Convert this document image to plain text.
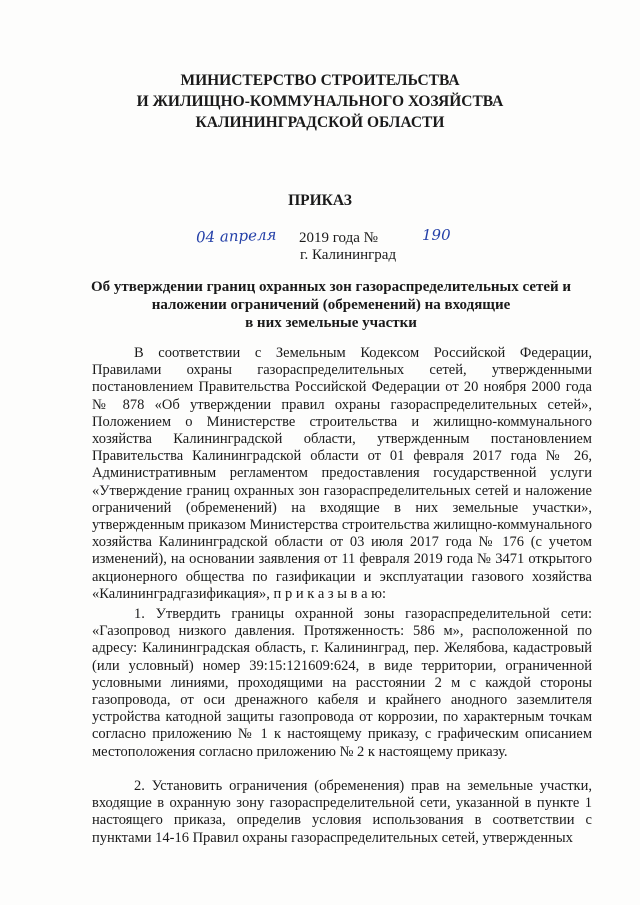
МИНИСТЕРСТВО СТРОИТЕЛЬСТВА
И ЖИЛИЩНО-КОММУНАЛЬНОГО ХОЗЯЙСТВА
КАЛИНИНГРАДСКОЙ ОБЛАСТИ
ПРИКАЗ
04 апреля 2019 года №	190
г. Калининград
Об утверждении границ охранных зон газораспределительных сетей и
наложении ограничений (обременений) на входящие
в них земельные участки

В соответствии с Земельным Кодексом Российской Федерации, Правилами охраны газораспределительных сетей, утвержденными постановлением Правительства Российской Федерации от 20 ноября 2000 года № 878 «Об утверждении правил охраны газораспределительных сетей», Положением о Министерстве строительства и жилищно-коммунального хозяйства Калининградской области, утвержденным постановлением Правительства Калининградской области от 01 февраля 2017 года № 26, Административным регламентом предоставления государственной услуги «Утверждение границ охранных зон газораспределительных сетей и наложение ограничений (обременений) на входящие в них земельные участки», утвержденным приказом Министерства строительства жилищно-коммунального хозяйства Калининградской области от 03 июля 2017 года № 176 (с учетом изменений), на основании заявления от 11 февраля 2019 года № 3471 открытого акционерного общества по газификации и эксплуатации газового хозяйства «Калининградгазификация», п р и к а з ы в а ю:

1. Утвердить границы охранной зоны газораспределительной сети: «Газопровод низкого давления. Протяженность: 586 м», расположенной по адресу: Калининградская область, г. Калининград, пер. Желябова, кадастровый (или условный) номер 39:15:121609:624, в виде территории, ограниченной условными линиями, проходящими на расстоянии 2 м с каждой стороны газопровода, от оси дренажного кабеля и крайнего анодного заземлителя устройства катодной защиты газопровода от коррозии, по характерным точкам согласно приложению № 1 к настоящему приказу, с графическим описанием местоположения согласно приложению № 2 к настоящему приказу.

2. Установить ограничения (обременения) прав на земельные участки, входящие в охранную зону газораспределительной сети, указанной в пункте 1 настоящего приказа, определив условия использования в соответствии с пунктами 14-16 Правил охраны газораспределительных сетей, утвержденных
